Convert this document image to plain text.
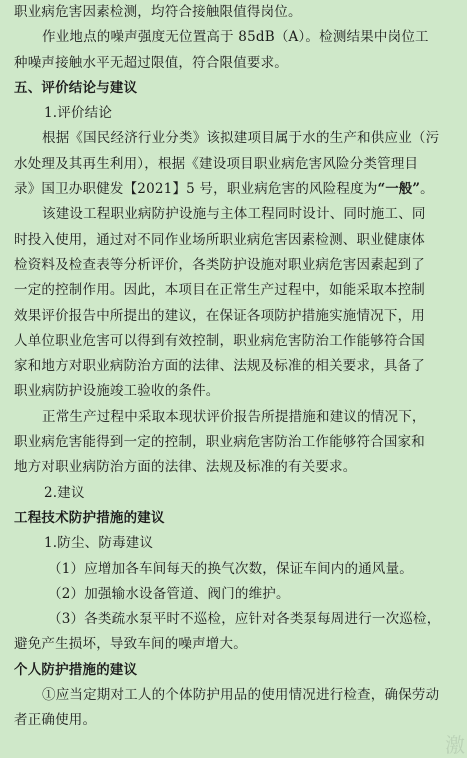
职业病危害因素检测，均符合接触限值得岗位。
作业地点的噪声强度无位置高于 85dB（A）。检测结果中岗位工
种噪声接触水平无超过限值，符合限值要求。
五、评价结论与建议
1.评价结论
根据《国民经济行业分类》该拟建项目属于水的生产和供应业（污
水处理及其再生利用），根据《建设项目职业病危害风险分类管理目
录》国卫办职健发【2021】5 号，职业病危害的风险程度为“一般”。
该建设工程职业病防护设施与主体工程同时设计、同时施工、同
时投入使用，通过对不同作业场所职业病危害因素检测、职业健康体
检资料及检查表等分析评价，各类防护设施对职业病危害因素起到了
一定的控制作用。因此，本项目在正常生产过程中，如能采取本控制
效果评价报告中所提出的建议，在保证各项防护措施实施情况下，用
人单位职业危害可以得到有效控制，职业病危害防治工作能够符合国
家和地方对职业病防治方面的法律、法规及标准的相关要求，具备了
职业病防护设施竣工验收的条件。
正常生产过程中采取本现状评价报告所提措施和建议的情况下，
职业病危害能得到一定的控制，职业病危害防治工作能够符合国家和
地方对职业病防治方面的法律、法规及标准的有关要求。
2.建议
工程技术防护措施的建议
1.防尘、防毒建议
（1）应增加各车间每天的换气次数，保证车间内的通风量。
（2）加强输水设备管道、阀门的维护。
（3）各类疏水泵平时不巡检，应针对各类泵每周进行一次巡检，
避免产生损坏，导致车间的噪声增大。
个人防护措施的建议
①应当定期对工人的个体防护用品的使用情况进行检查，确保劳动
者正确使用。
激
